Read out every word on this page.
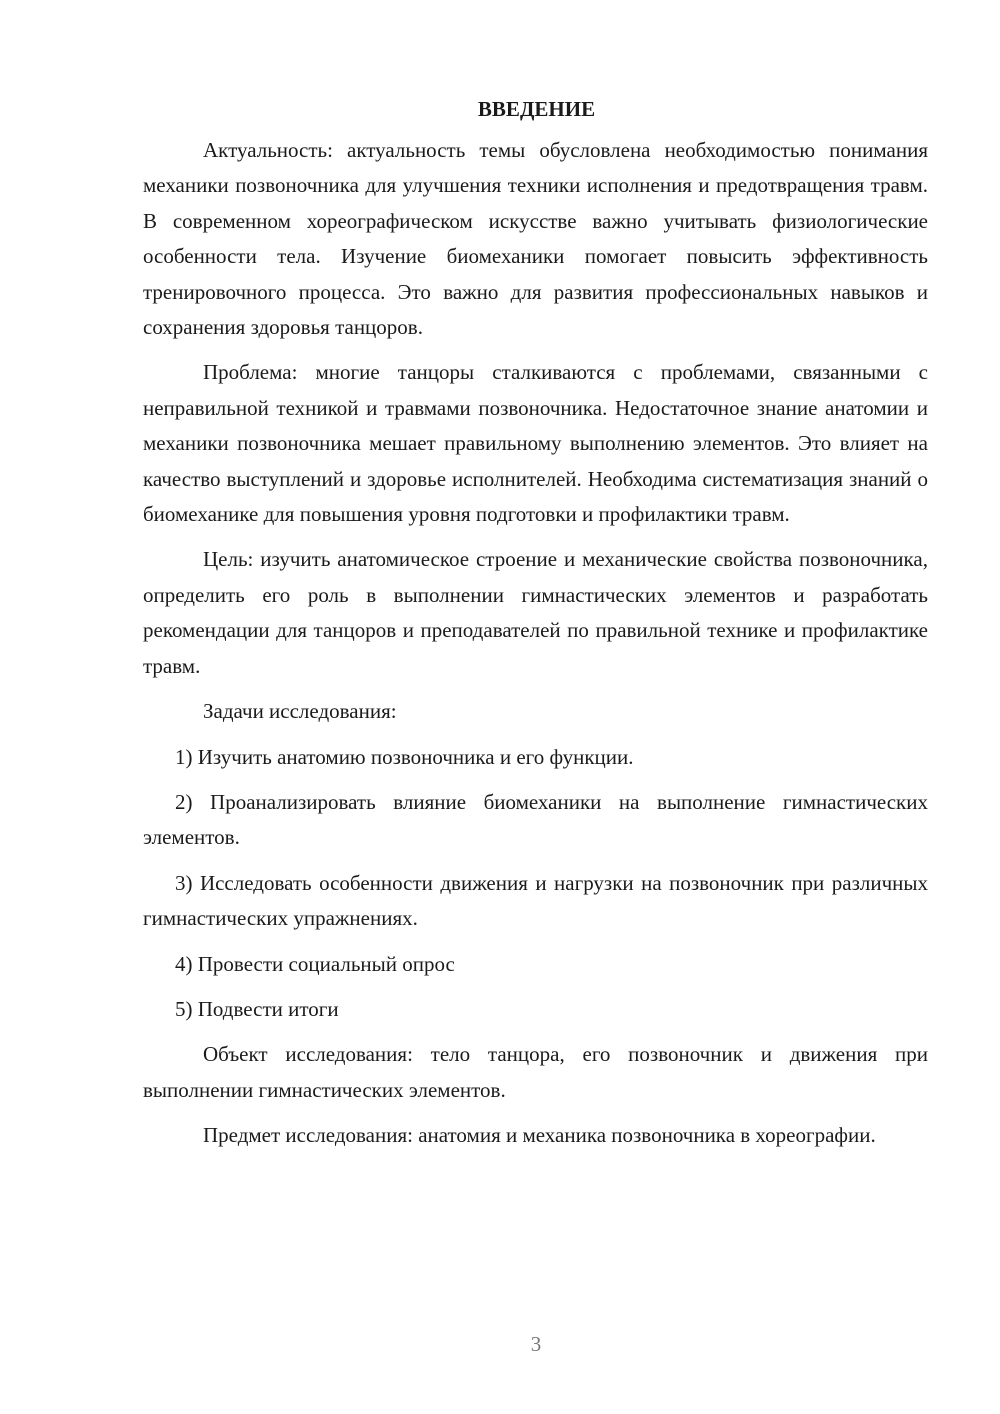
ВВЕДЕНИЕ

Актуальность: актуальность темы обусловлена необходимостью понимания механики позвоночника для улучшения техники исполнения и предотвращения травм. В современном хореографическом искусстве важно учитывать физиологические особенности тела. Изучение биомеханики помогает повысить эффективность тренировочного процесса. Это важно для развития профессиональных навыков и сохранения здоровья танцоров.

Проблема: многие танцоры сталкиваются с проблемами, связанными с неправильной техникой и травмами позвоночника. Недостаточное знание анатомии и механики позвоночника мешает правильному выполнению элементов. Это влияет на качество выступлений и здоровье исполнителей. Необходима систематизация знаний о биомеханике для повышения уровня подготовки и профилактики травм.

Цель: изучить анатомическое строение и механические свойства позвоночника, определить его роль в выполнении гимнастических элементов и разработать рекомендации для танцоров и преподавателей по правильной технике и профилактике травм.

Задачи исследования:

1) Изучить анатомию позвоночника и его функции.

2) Проанализировать влияние биомеханики на выполнение гимнастических элементов.

3) Исследовать особенности движения и нагрузки на позвоночник при различных гимнастических упражнениях.

4) Провести социальный опрос

5) Подвести итоги

Объект исследования: тело танцора, его позвоночник и движения при выполнении гимнастических элементов.

Предмет исследования: анатомия и механика позвоночника в хореографии.

3
